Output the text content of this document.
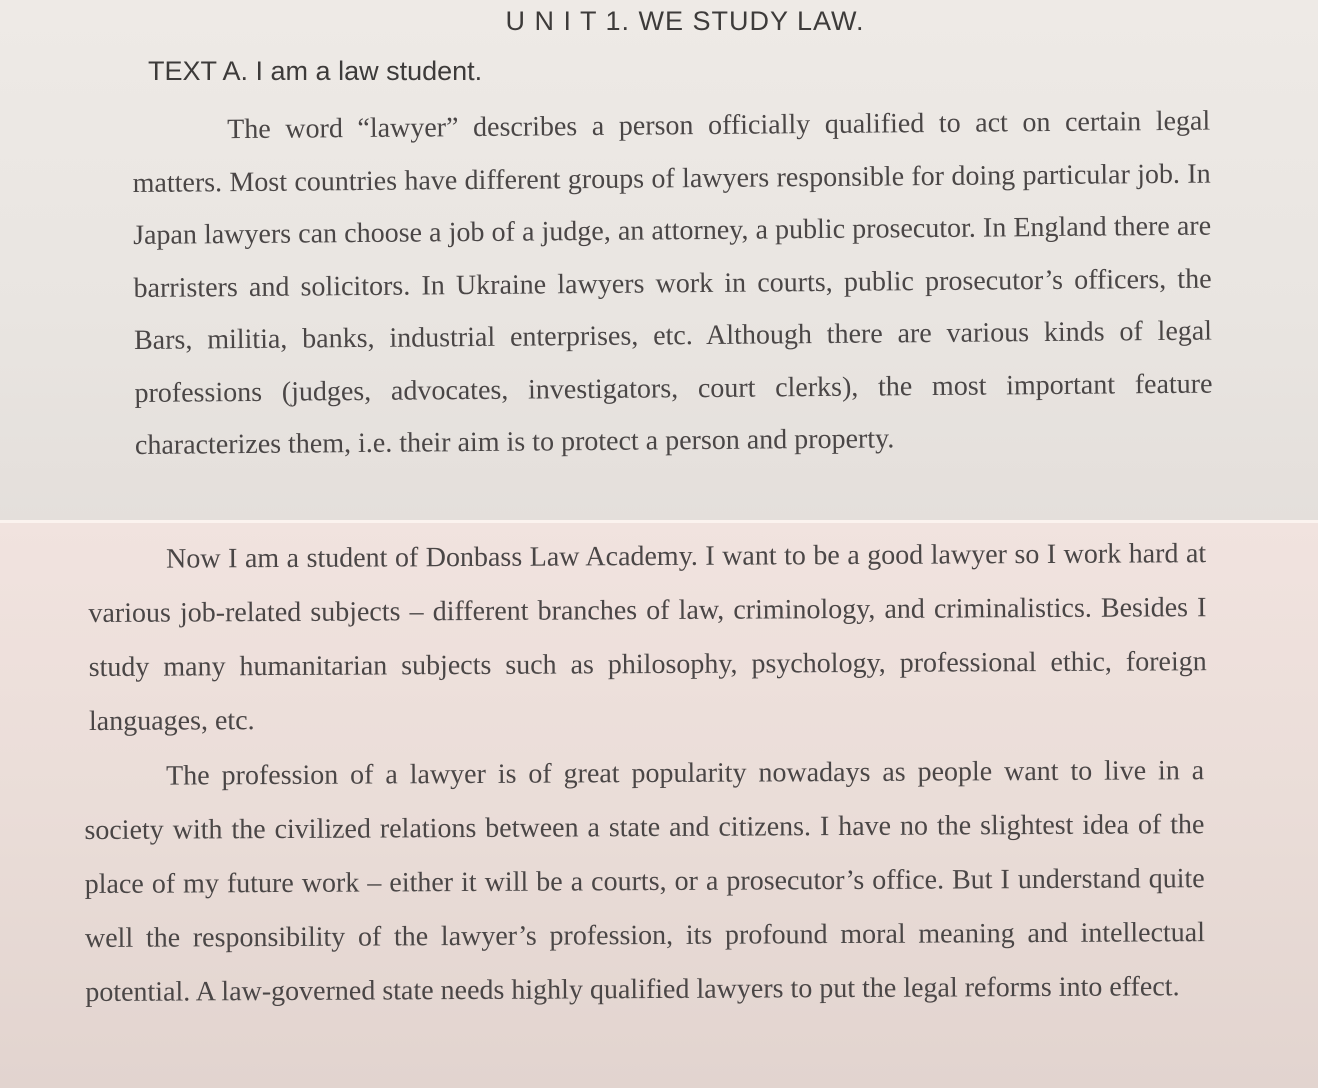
U N I T 1. WE STUDY LAW.
TEXT A. I am a law student.

The word “lawyer” describes a person officially qualified to act on certain legal matters. Most countries have different groups of lawyers responsible for doing particular job. In Japan lawyers can choose a job of a judge, an attorney, a public prosecutor. In England there are barristers and solicitors. In Ukraine lawyers work in courts, public prosecutor’s officers, the Bars, militia, banks, industrial enterprises, etc. Although there are various kinds of legal professions (judges, advocates, investigators, court clerks), the most important feature characterizes them, i.e. their aim is to protect a person and property.

Now I am a student of Donbass Law Academy. I want to be a good lawyer so I work hard at various job-related subjects – different branches of law, criminology, and criminalistics. Besides I study many humanitarian subjects such as philosophy, psychology, professional ethic, foreign languages, etc.

The profession of a lawyer is of great popularity nowadays as people want to live in a society with the civilized relations between a state and citizens. I have no the slightest idea of the place of my future work – either it will be a courts, or a prosecutor’s office. But I understand quite well the responsibility of the lawyer’s profession, its profound moral meaning and intellectual potential. A law-governed state needs highly qualified lawyers to put the legal reforms into effect.
